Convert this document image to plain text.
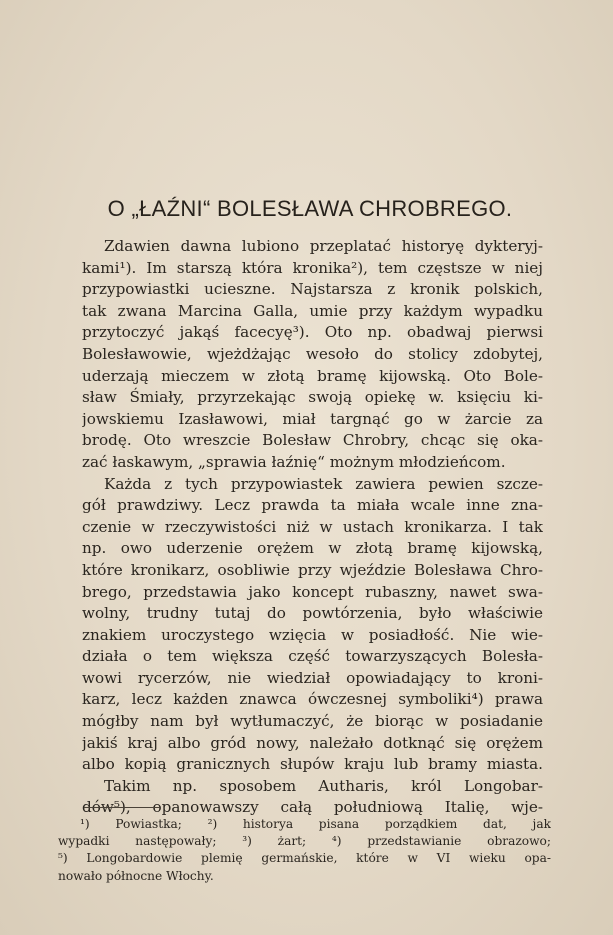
O „ŁAŹNI“ BOLESŁAWA CHROBREGO.
Zdawien dawna lubiono przeplatać historyę dykteryj-
kami¹). Im starszą która kronika²), tem częstsze w niej
przypowiastki ucieszne. Najstarsza z kronik polskich,
tak zwana Marcina Galla, umie przy każdym wypadku
przytoczyć jakąś facecyę³). Oto np. obadwaj pierwsi
Bolesławowie, wjeżdżając wesoło do stolicy zdobytej,
uderzają mieczem w złotą bramę kijowską. Oto Bole-
sław Śmiały, przyrzekając swoją opiekę w. księciu ki-
jowskiemu Izasławowi, miał targnąć go w żarcie za
brodę. Oto wreszcie Bolesław Chrobry, chcąc się oka-
zać łaskawym, „sprawia łaźnię“ możnym młodzieńcom.
Każda z tych przypowiastek zawiera pewien szcze-
gół prawdziwy. Lecz prawda ta miała wcale inne zna-
czenie w rzeczywistości niż w ustach kronikarza. I tak
np. owo uderzenie orężem w złotą bramę kijowską,
które kronikarz, osobliwie przy wjeździe Bolesława Chro-
brego, przedstawia jako koncept rubaszny, nawet swa-
wolny, trudny tutaj do powtórzenia, było właściwie
znakiem uroczystego wzięcia w posiadłość. Nie wie-
działa o tem większa część towarzyszących Bolesła-
wowi rycerzów, nie wiedział opowiadający to kroni-
karz, lecz każden znawca ówczesnej symboliki⁴) prawa
mógłby nam był wytłumaczyć, że biorąc w posiadanie
jakiś kraj albo gród nowy, należało dotknąć się orężem
albo kopią granicznych słupów kraju lub bramy miasta.
Takim np. sposobem Autharis, król Longobar-
dów⁵), opanowawszy całą południową Italię, wje-
¹) Powiastka; ²) historya pisana porządkiem dat, jak
wypadki następowały; ³) żart; ⁴) przedstawianie obrazowo;
⁵) Longobardowie plemię germańskie, które w VI wieku opa-
nowało północne Włochy.
